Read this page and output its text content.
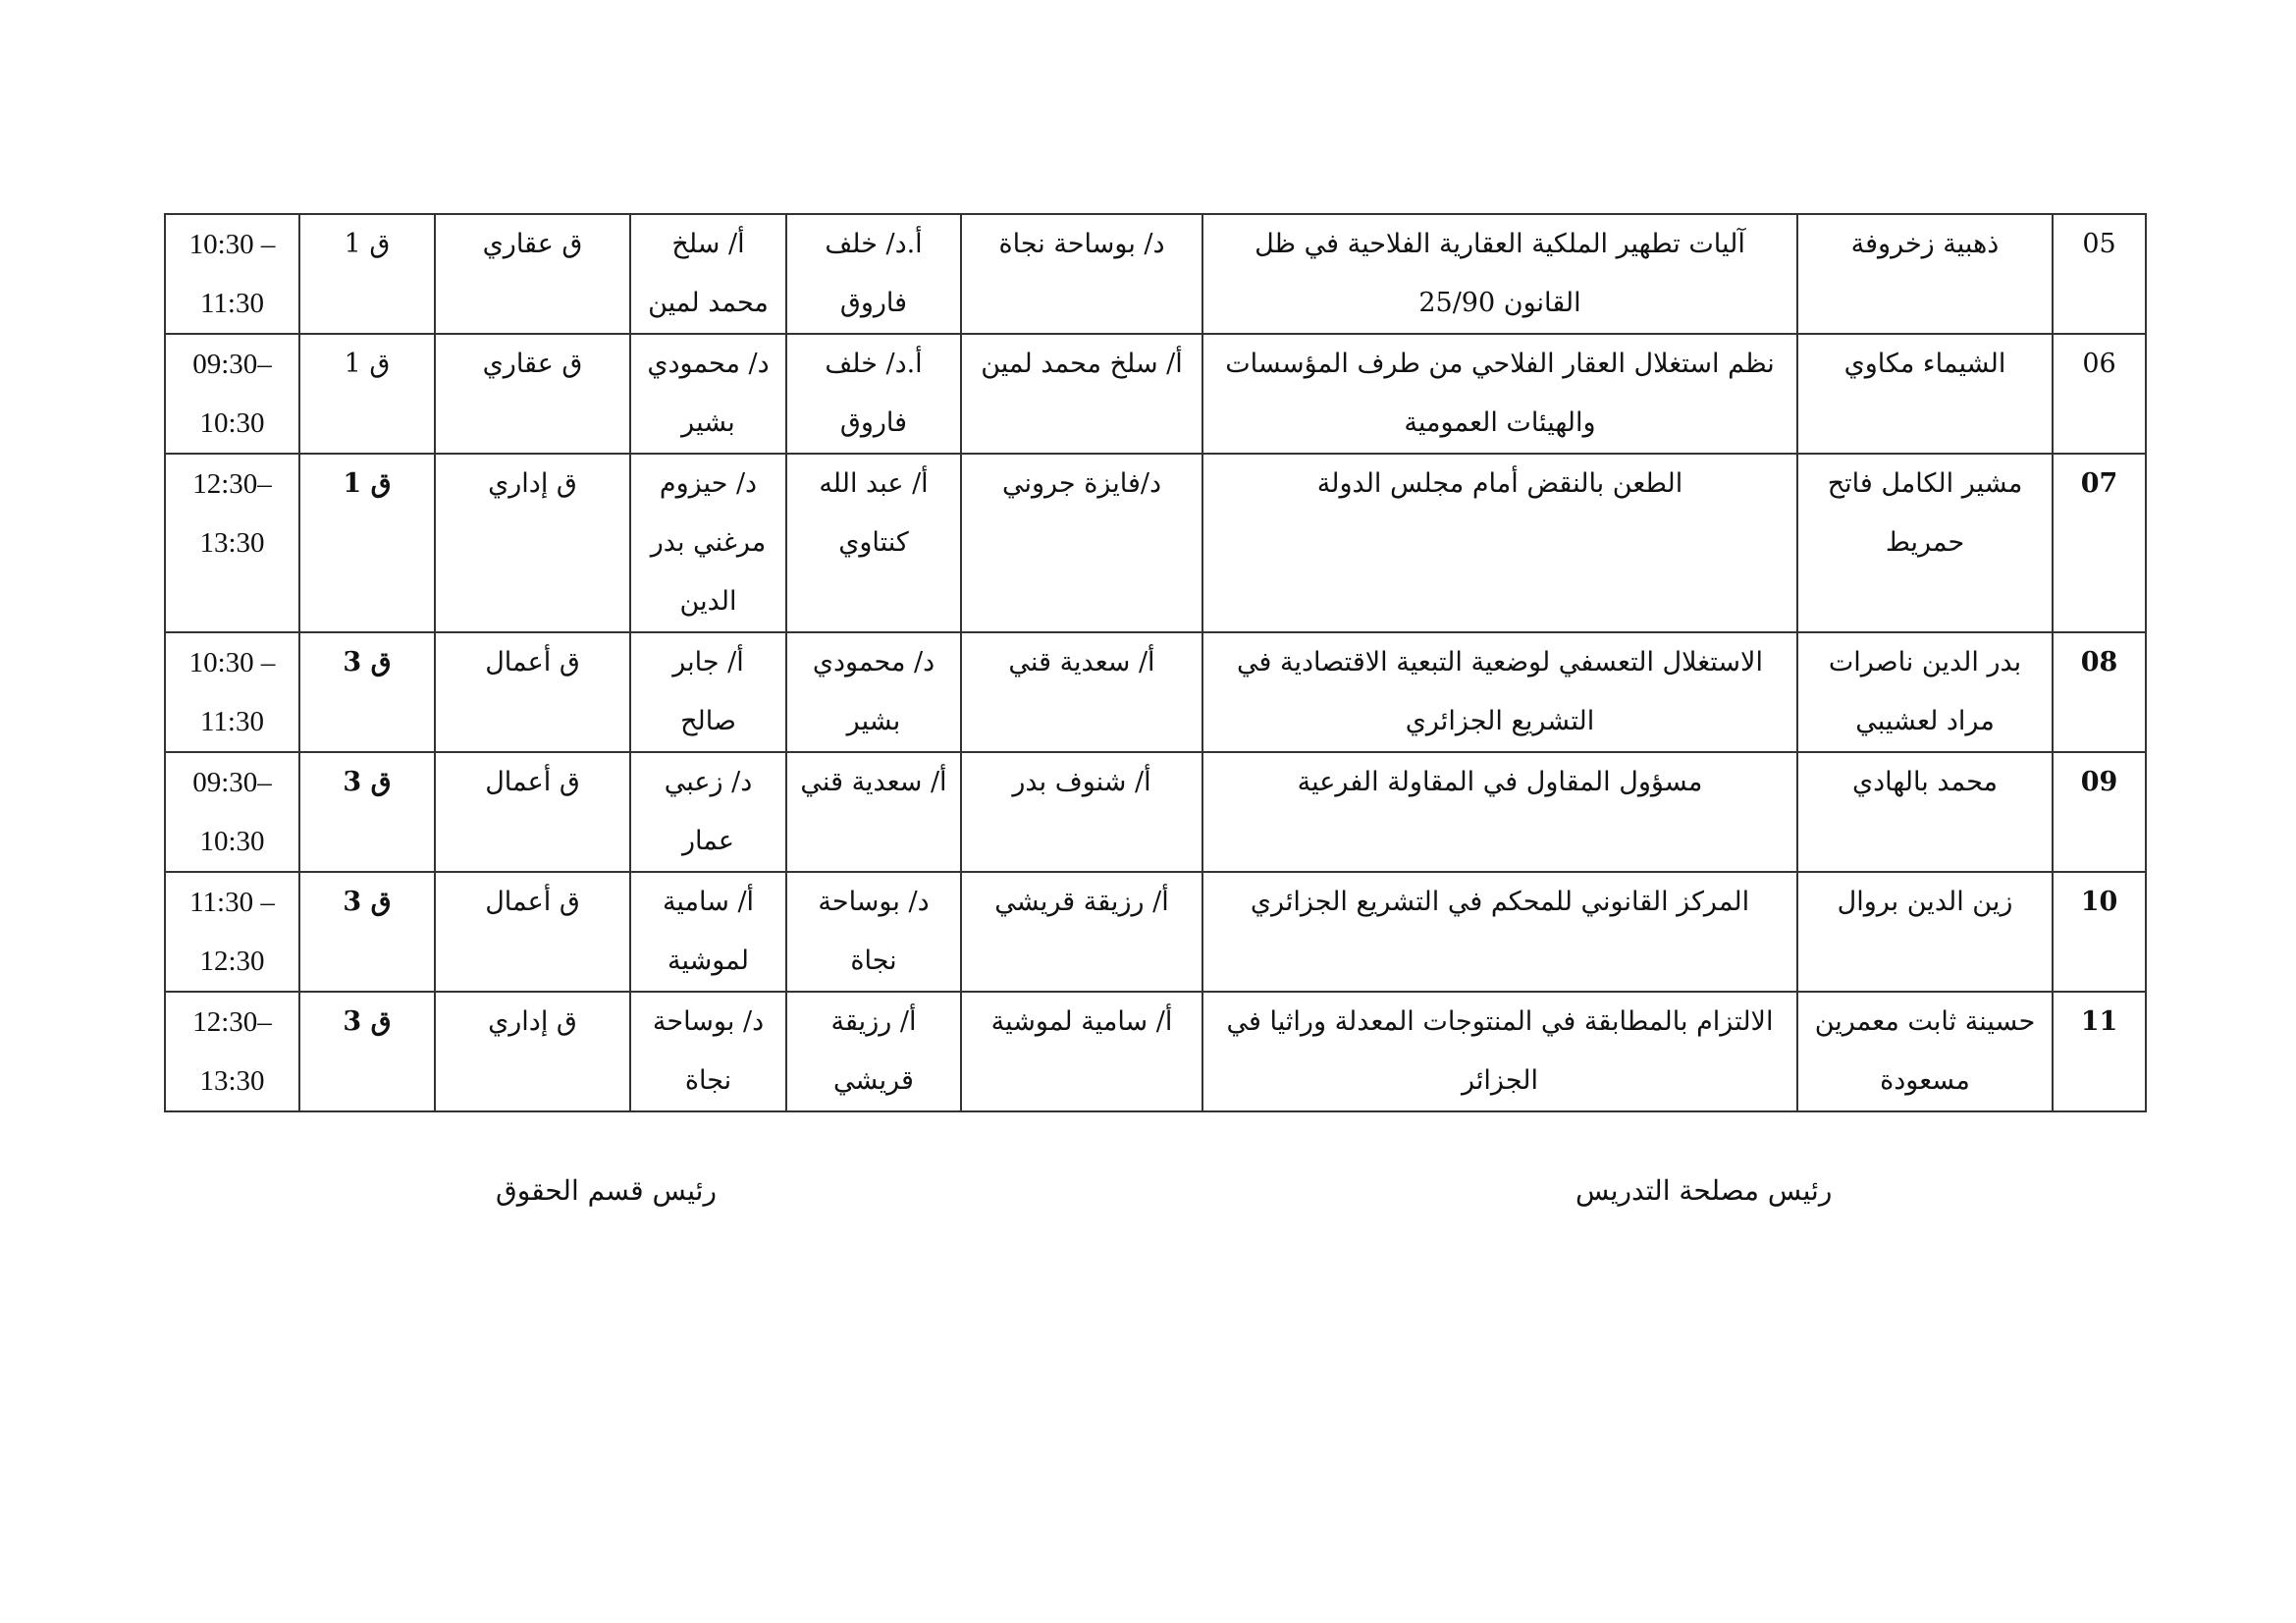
05	ذهبية زخروفة	آليات تطهير الملكية العقارية الفلاحية في ظل القانون 25/90	د/ بوساحة نجاة	أ.د/ خلف فاروق	أ/ سلخ محمد لمين	ق عقاري	ق 1	10:30 – 11:30
06	الشيماء مكاوي	نظم استغلال العقار الفلاحي من طرف المؤسسات والهيئات العمومية	أ/ سلخ محمد لمين	أ.د/ خلف فاروق	د/ محمودي بشير	ق عقاري	ق 1	09:30– 10:30
07	مشير الكامل فاتح حمريط	الطعن بالنقض أمام مجلس الدولة	د/فايزة جروني	أ/ عبد الله كنتاوي	د/ حيزوم مرغني بدر الدين	ق إداري	ق 1	12:30– 13:30
08	بدر الدين ناصرات مراد لعشيبي	الاستغلال التعسفي لوضعية التبعية الاقتصادية في التشريع الجزائري	أ/ سعدية قني	د/ محمودي بشير	أ/ جابر صالح	ق أعمال	ق 3	10:30 – 11:30
09	محمد بالهادي	مسؤول المقاول في المقاولة الفرعية	أ/ شنوف بدر	أ/ سعدية قني	د/ زعبي عمار	ق أعمال	ق 3	09:30– 10:30
10	زين الدين بروال	المركز القانوني للمحكم في التشريع الجزائري	أ/ رزيقة قريشي	د/ بوساحة نجاة	أ/ سامية لموشية	ق أعمال	ق 3	11:30 – 12:30
11	حسينة ثابت معمرين مسعودة	الالتزام بالمطابقة في المنتوجات المعدلة وراثيا في الجزائر	أ/ سامية لموشية	أ/ رزيقة قريشي	د/ بوساحة نجاة	ق إداري	ق 3	12:30– 13:30
رئيس مصلحة التدريس
رئيس قسم الحقوق
